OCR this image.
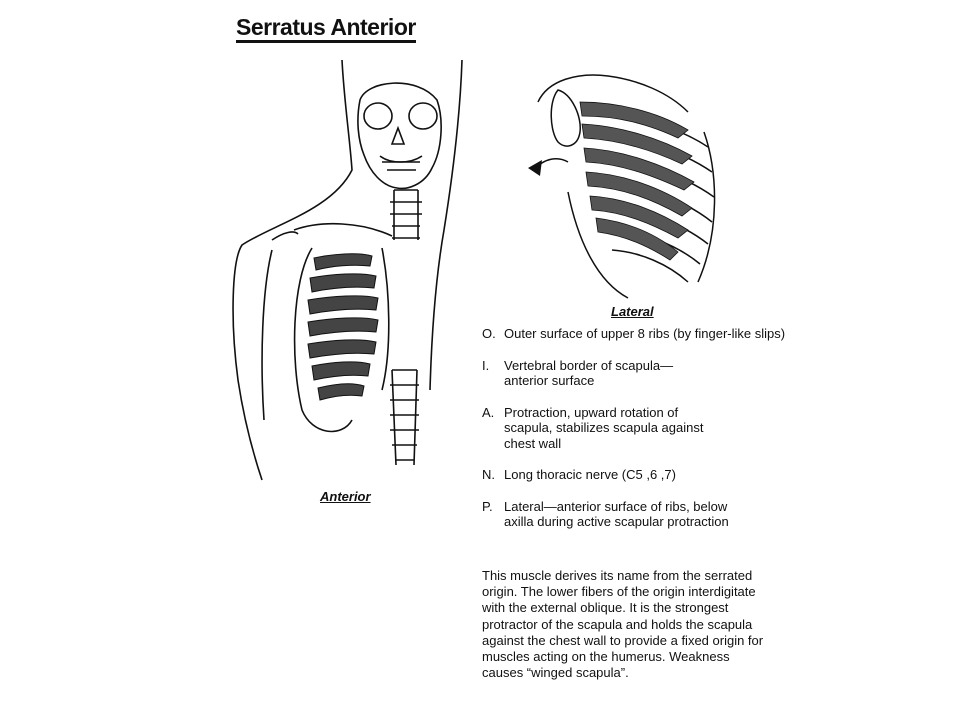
Serratus Anterior
Anterior
Lateral
O. Outer surface of upper 8 ribs (by finger-like slips)
I.	Vertebral border of scapula—anterior surface
A. Protraction, upward rotation of scapula, stabilizes scapula against chest wall
N. Long thoracic nerve (C5 ,6 ,7)
P. Lateral—anterior surface of ribs, below axilla during active scapular protraction
This muscle derives its name from the serrated origin. The lower fibers of the origin interdigitate with the external oblique. It is the strongest protractor of the scapula and holds the scapula against the chest wall to provide a fixed origin for muscles acting on the humerus. Weakness causes “winged scapula”.
